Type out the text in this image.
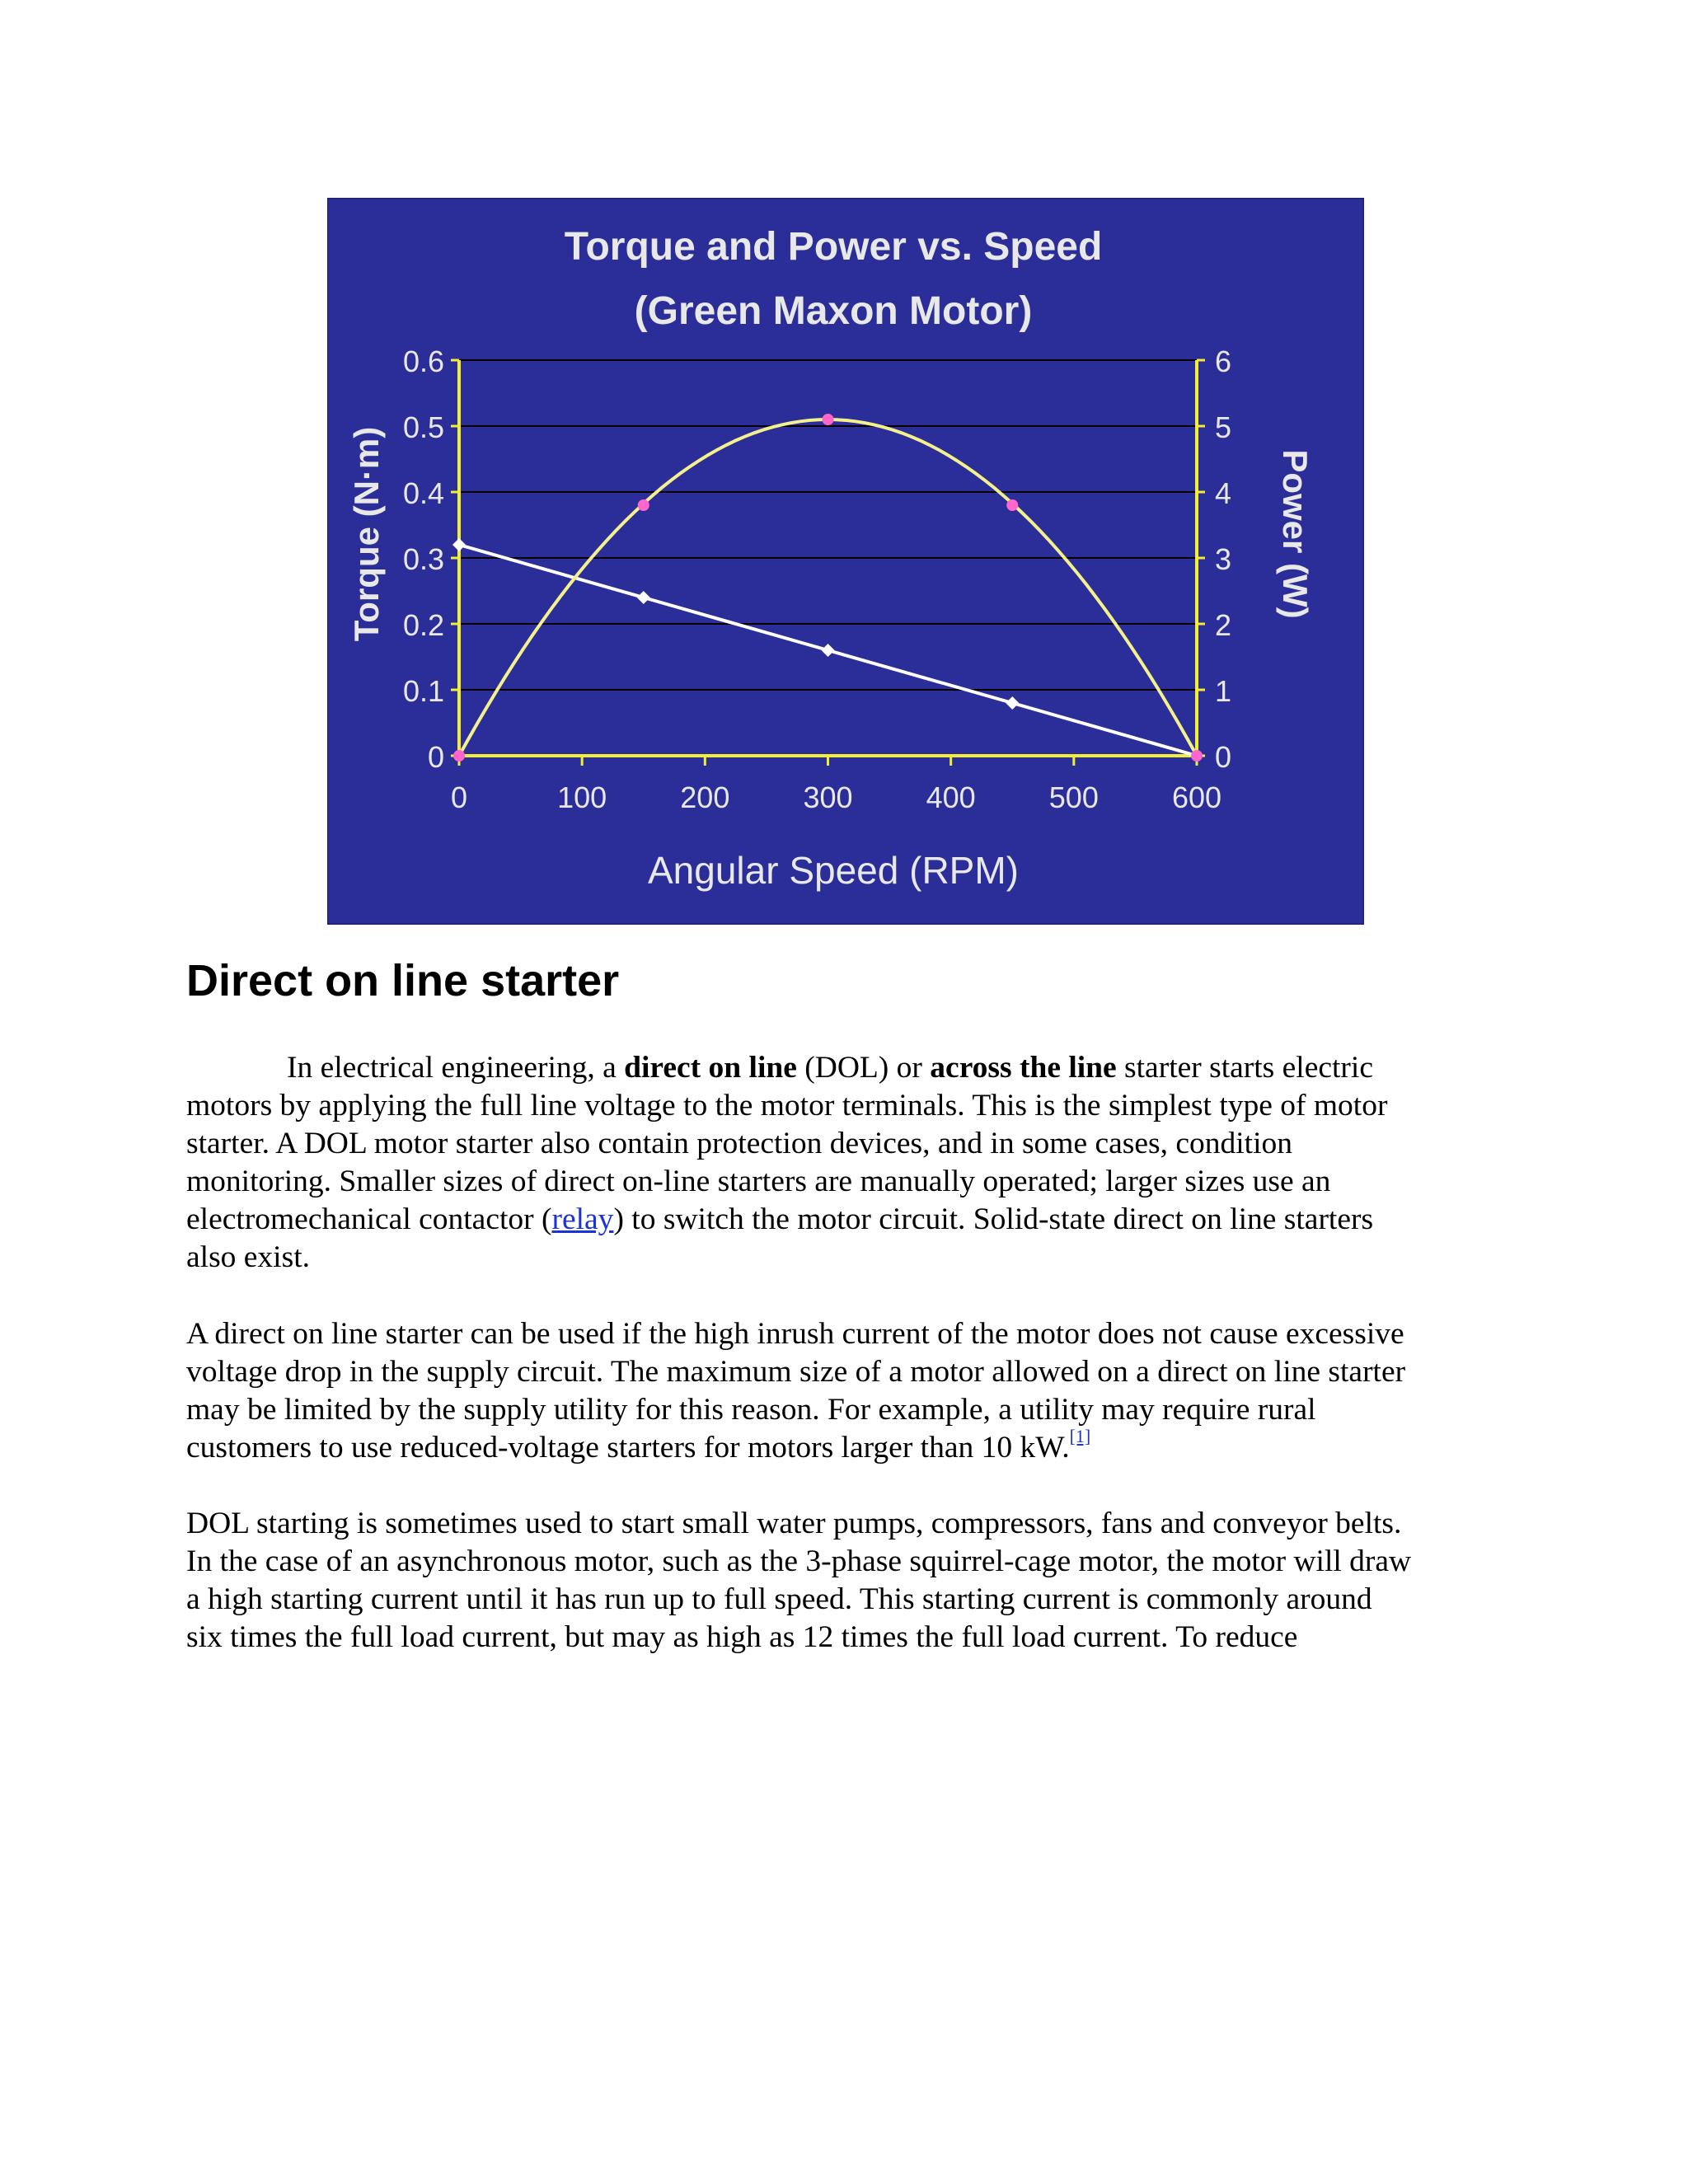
Torque and Power vs. Speed
(Green Maxon Motor)
0
0.1
0.2
0.3
0.4
0.5
0.6
0
1
2
3
4
5
6
0	100 200 300 400 500 600
Angular Speed (RPM)
Torque (N·m)	Power (W)
Direct on line starter

In electrical engineering, a direct on line (DOL) or across the line starter starts electric
motors by applying the full line voltage to the motor terminals. This is the simplest type of motor
starter. A DOL motor starter also contain protection devices, and in some cases, condition
monitoring. Smaller sizes of direct on-line starters are manually operated; larger sizes use an
electromechanical contactor (relay) to switch the motor circuit. Solid-state direct on line starters
also exist.

A direct on line starter can be used if the high inrush current of the motor does not cause excessive
voltage drop in the supply circuit. The maximum size of a motor allowed on a direct on line starter
may be limited by the supply utility for this reason. For example, a utility may require rural
customers to use reduced-voltage starters for motors larger than 10 kW.[1]

DOL starting is sometimes used to start small water pumps, compressors, fans and conveyor belts.
In the case of an asynchronous motor, such as the 3-phase squirrel-cage motor, the motor will draw
a high starting current until it has run up to full speed. This starting current is commonly around
six times the full load current, but may as high as 12 times the full load current. To reduce
